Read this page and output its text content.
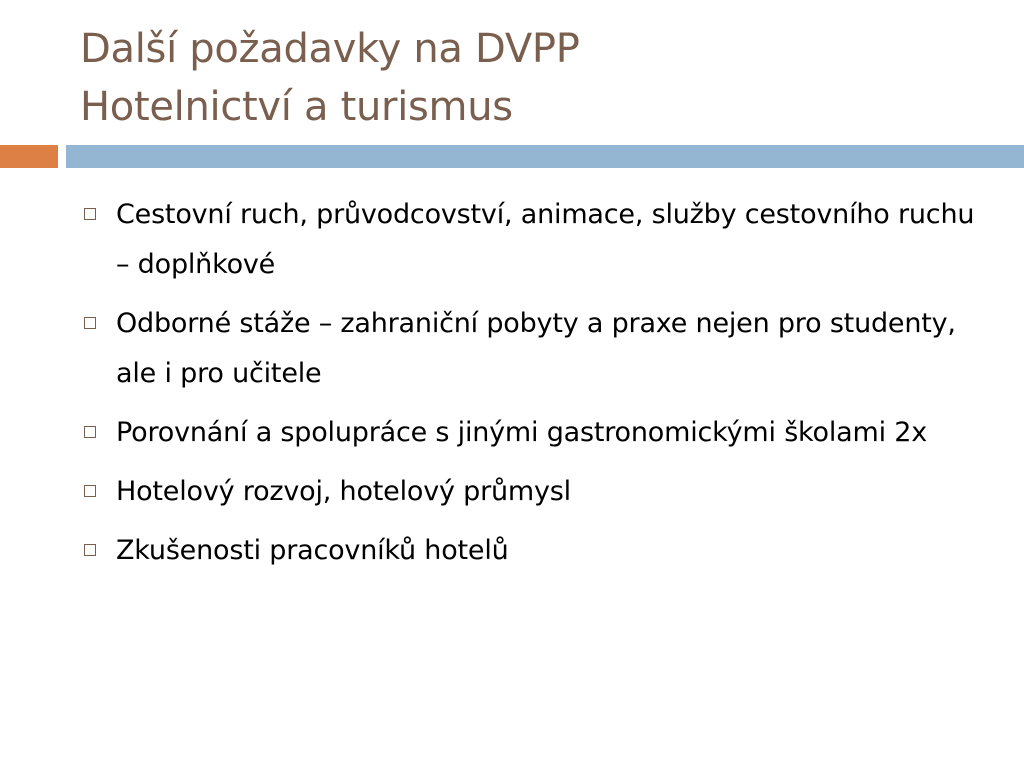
Další požadavky na DVPP
Hotelnictví a turismus
Cestovní ruch, průvodcovství, animace, služby cestovního ruchu – doplňkové
Odborné stáže – zahraniční pobyty a praxe nejen pro studenty, ale i pro učitele
Porovnání a spolupráce s jinými gastronomickými školami 2x
Hotelový rozvoj, hotelový průmysl
Zkušenosti pracovníků hotelů
